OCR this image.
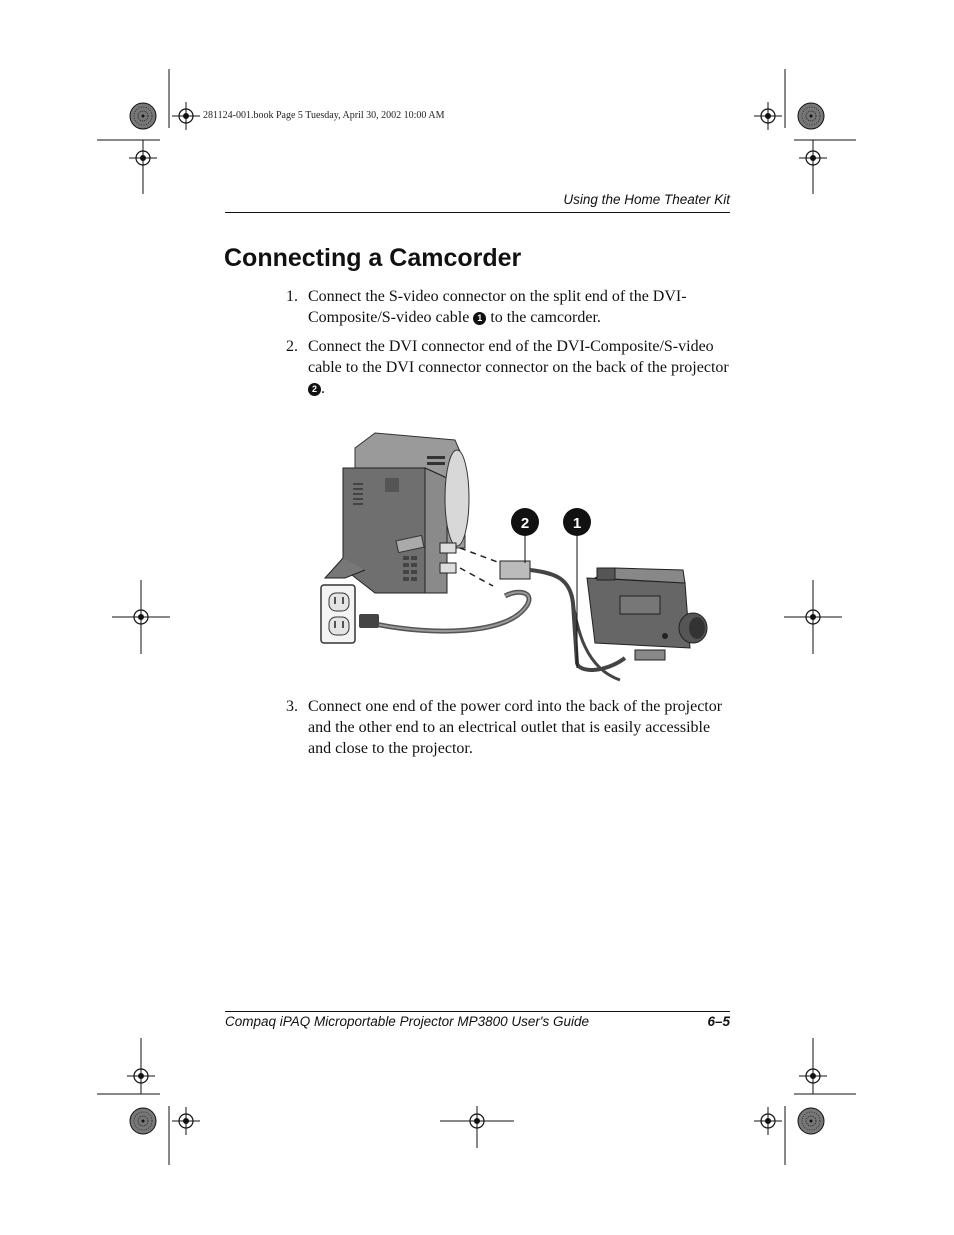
281124-001.book Page 5 Tuesday, April 30, 2002 10:00 AM
Using the Home Theater Kit
Connecting a Camcorder
1. Connect the S-video connector on the split end of the DVI-Composite/S-video cable 1 to the camcorder.
2. Connect the DVI connector end of the DVI-Composite/S-video cable to the DVI connector connector on the back of the projector 2 .
2	1
3. Connect one end of the power cord into the back of the projector and the other end to an electrical outlet that is easily accessible and close to the projector.
Compaq iPAQ Microportable Projector MP3800 User's Guide	6–5
